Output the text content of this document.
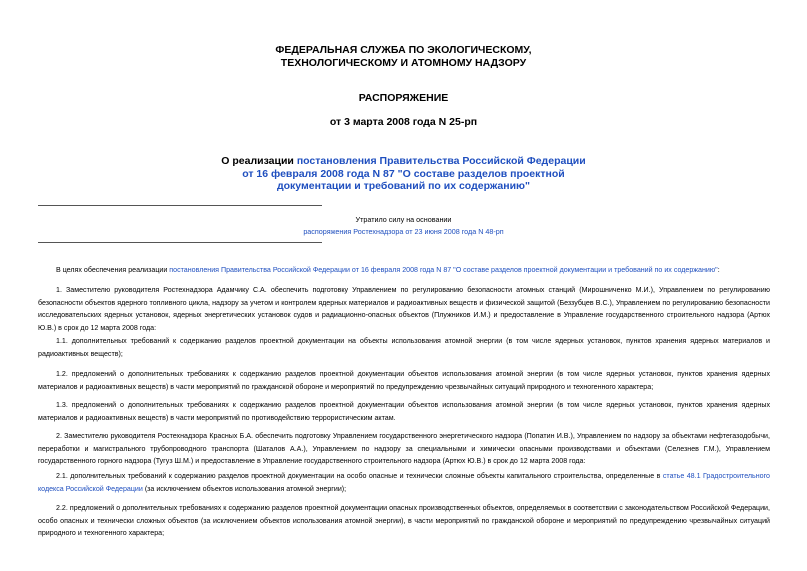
ФЕДЕРАЛЬНАЯ СЛУЖБА ПО ЭКОЛОГИЧЕСКОМУ,
ТЕХНОЛОГИЧЕСКОМУ И АТОМНОМУ НАДЗОРУ
РАСПОРЯЖЕНИЕ
от 3 марта 2008 года N 25-рп
О реализации постановления Правительства Российской Федерации
от 16 февраля 2008 года N 87 "О составе разделов проектной
документации и требований по их содержанию"
Утратило силу на основании
распоряжения Ростехнадзора от 23 июня 2008 года N 48-рп
В целях обеспечения реализации постановления Правительства Российской Федерации от 16 февраля 2008 года N 87 "О составе разделов проектной документации и требований по их содержанию":
1. Заместителю руководителя Ростехнадзора Адамчику С.А. обеспечить подготовку Управлением по регулированию безопасности атомных станций (Мирошниченко М.И.), Управлением по регулированию безопасности объектов ядерного топливного цикла, надзору за учетом и контролем ядерных материалов и радиоактивных веществ и физической защитой (Беззубцев В.С.), Управлением по регулированию безопасности исследовательских ядерных установок, ядерных энергетических установок судов и радиационно-опасных объектов (Плужников И.М.) и предоставление в Управление государственного строительного надзора (Артюх Ю.В.) в срок до 12 марта 2008 года:
1.1. дополнительных требований к содержанию разделов проектной документации на объекты использования атомной энергии (в том числе ядерных установок, пунктов хранения ядерных материалов и радиоактивных веществ);
1.2. предложений о дополнительных требованиях к содержанию разделов проектной документации объектов использования атомной энергии (в том числе ядерных установок, пунктов хранения ядерных материалов и радиоактивных веществ) в части мероприятий по гражданской обороне и мероприятий по предупреждению чрезвычайных ситуаций природного и техногенного характера;
1.3. предложений о дополнительных требованиях к содержанию разделов проектной документации объектов использования атомной энергии (в том числе ядерных установок, пунктов хранения ядерных материалов и радиоактивных веществ) в части мероприятий по противодействию террористическим актам.
2. Заместителю руководителя Ростехнадзора Красных Б.А. обеспечить подготовку Управлением государственного энергетического надзора (Попатин И.В.), Управлением по надзору за объектами нефтегазодобычи, переработки и магистрального трубопроводного транспорта (Шаталов А.А.), Управлением по надзору за специальными и химически опасными производствами и объектами (Селезнев Г.М.), Управлением государственного горного надзора (Тугуз Ш.М.) и предоставление в Управление государственного строительного надзора (Артюх Ю.В.) в срок до 12 марта 2008 года:
2.1. дополнительных требований к содержанию разделов проектной документации на особо опасные и технически сложные объекты капитального строительства, определенные в статье 48.1 Градостроительного кодекса Российской Федерации (за исключением объектов использования атомной энергии);
2.2. предложений о дополнительных требованиях к содержанию разделов проектной документации опасных производственных объектов, определяемых в соответствии с законодательством Российской Федерации, особо опасных и технически сложных объектов (за исключением объектов использования атомной энергии), в части мероприятий по гражданской обороне и мероприятий по предупреждению чрезвычайных ситуаций природного и техногенного характера;
